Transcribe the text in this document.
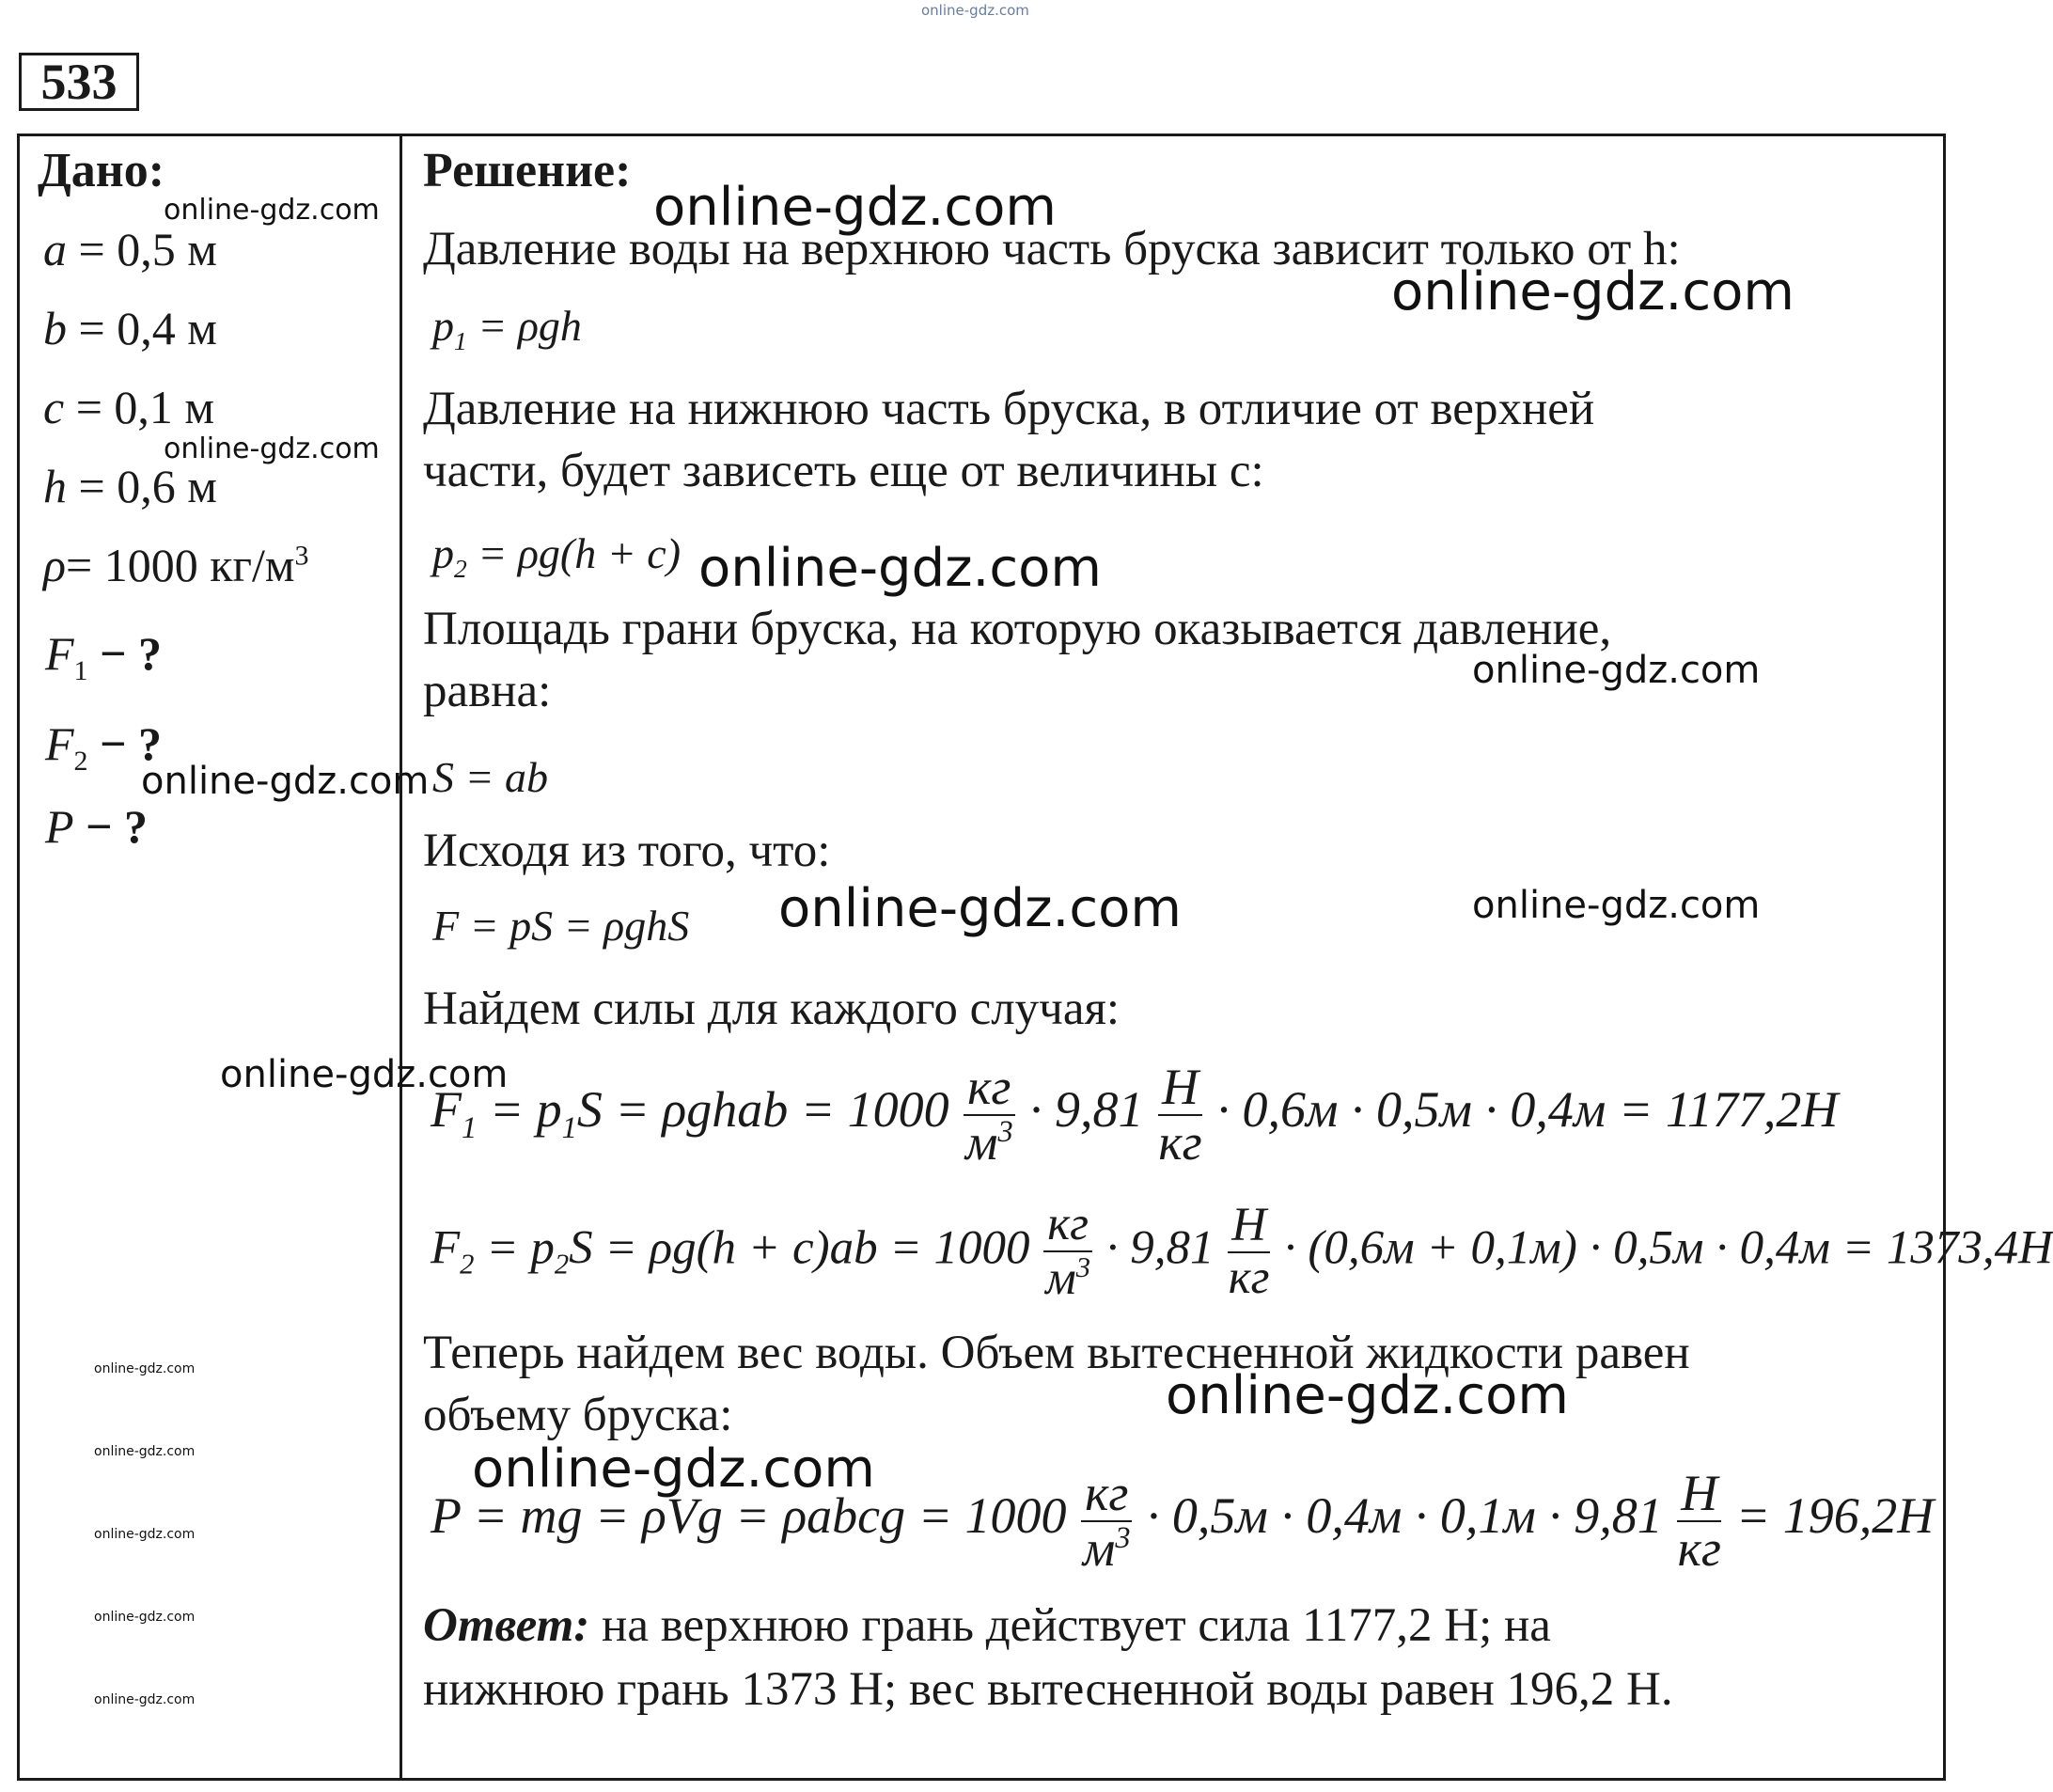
online-gdz.com
533
Дано:
a = 0,5 м
b = 0,4 м
c = 0,1 м
h = 0,6 м
ρ= 1000 $кг/м^3$
$F_1$ − ?
$F_2$ − ?
P − ?
Решение:
Давление воды на верхнюю часть бруска зависит только от h:
$p_1 = \rho gh$
Давление на нижнюю часть бруска, в отличие от верхней
части, будет зависеть еще от величины с:
$p_2 = \rho g(h + c)$
Площадь грани бруска, на которую оказывается давление,
равна:
S = ab
Исходя из того, что:
F = pS = ρghS
Найдем силы для каждого случая:
$F_1 = p_1S$ = ρghab = $1000 \frac{кг}{м^3} \cdot 9,81 \frac{Н}{кг} \cdot 0,6м \cdot 0,5м \cdot 0,4м = 1177,2Н$
$F_2 = p_2S = \rho g(h + c)ab = 1000 \frac{кг}{м^3} \cdot 9,81 \frac{Н}{кг} \cdot (0,6м + 0,1м) \cdot 0,5м \cdot 0,4м = 1373,4Н$
Теперь найдем вес воды. Объем вытесненной жидкости равен
объему бруска:
P = mg = ρVg = ρabcg = $1000 \frac{кг}{м^3} \cdot 0,5м \cdot 0,4м \cdot 0,1м \cdot 9,81 \frac{Н}{кг} = 196,2Н$
Ответ: на верхнюю грань действует сила 1177,2 Н; на
нижнюю грань 1373 Н; вес вытесненной воды равен 196,2 Н.
online-gdz.com
online-gdz.com
online-gdz.com
online-gdz.com
online-gdz.com
online-gdz.com
online-gdz.com
online-gdz.com
online-gdz.com
online-gdz.com
online-gdz.com
online-gdz.com
online-gdz.com
online-gdz.com
online-gdz.com
online-gdz.com
online-gdz.com
